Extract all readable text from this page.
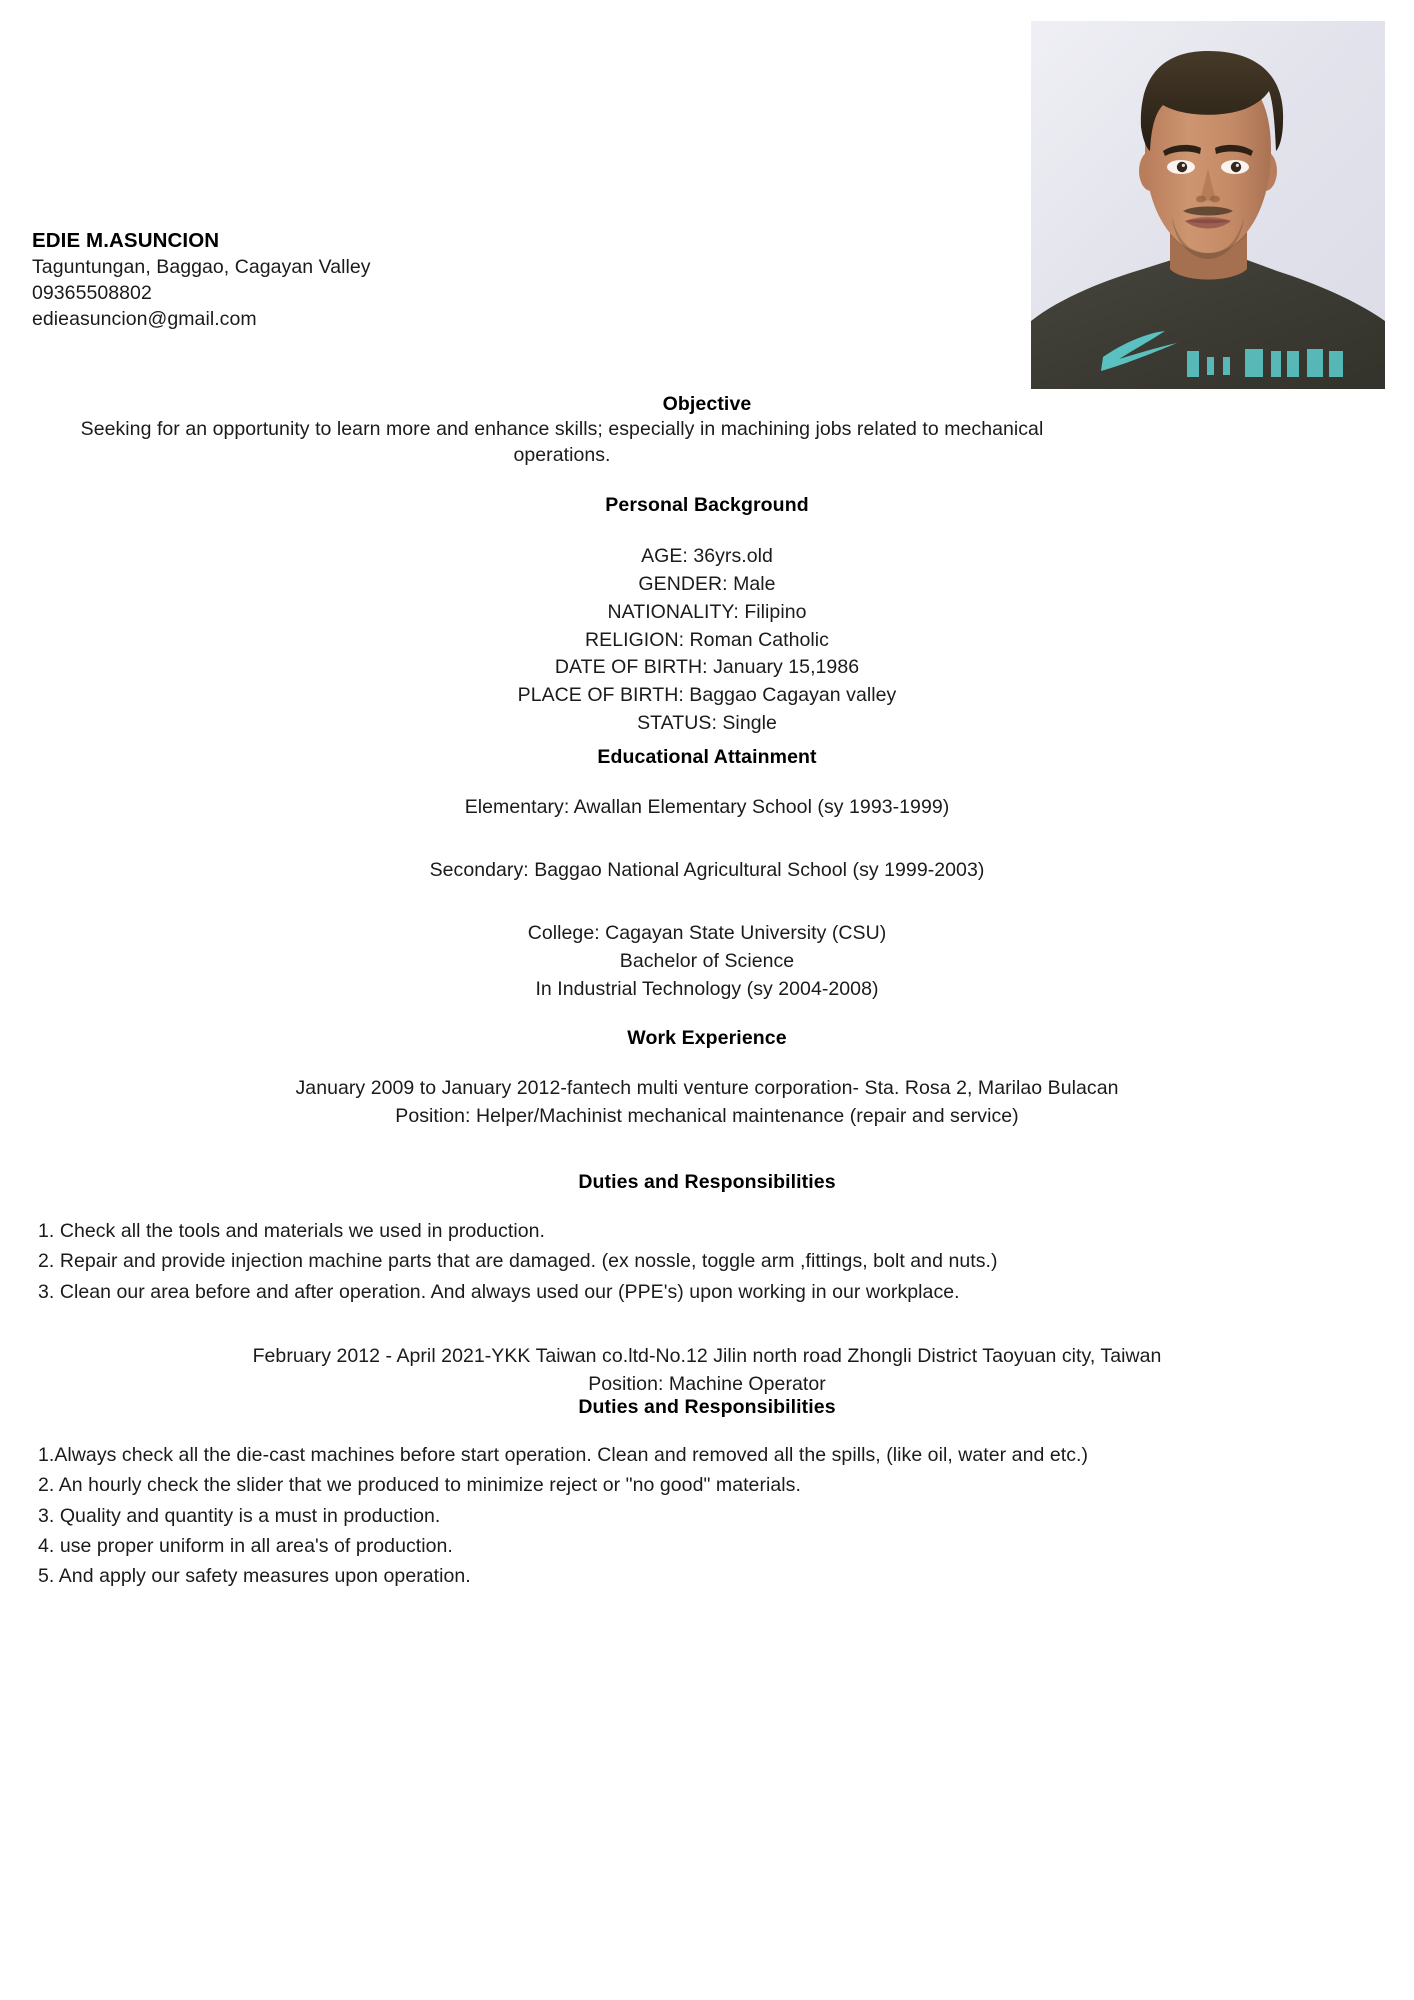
EDIE M.ASUNCION
Taguntungan, Baggao, Cagayan Valley
09365508802
edieasuncion@gmail.com
Objective
Seeking for an opportunity to learn more and enhance skills; especially in machining jobs related to mechanical operations.
Personal Background
AGE: 36yrs.old
GENDER: Male
NATIONALITY: Filipino
RELIGION: Roman Catholic
DATE OF BIRTH: January 15,1986
PLACE OF BIRTH: Baggao Cagayan valley
STATUS: Single
Educational Attainment
Elementary: Awallan Elementary School (sy 1993-1999)
Secondary: Baggao National Agricultural School (sy 1999-2003)
College: Cagayan State University (CSU)
Bachelor of Science
In Industrial Technology (sy 2004-2008)
Work Experience
January 2009 to January 2012-fantech multi venture corporation- Sta. Rosa 2, Marilao Bulacan
Position: Helper/Machinist mechanical maintenance (repair and service)
Duties and Responsibilities
1. Check all the tools and materials we used in production.
2. Repair and provide injection machine parts that are damaged. (ex nossle, toggle arm ,fittings, bolt and nuts.)
3. Clean our area before and after operation. And always used our (PPE's) upon working in our workplace.
February 2012 - April 2021-YKK Taiwan co.ltd-No.12 Jilin north road Zhongli District Taoyuan city, Taiwan
Position: Machine Operator
Duties and Responsibilities
1.Always check all the die-cast machines before start operation. Clean and removed all the spills, (like oil, water and etc.)
2. An hourly check the slider that we produced to minimize reject or "no good" materials.
3. Quality and quantity is a must in production.
4. use proper uniform in all area's of production.
5. And apply our safety measures upon operation.
